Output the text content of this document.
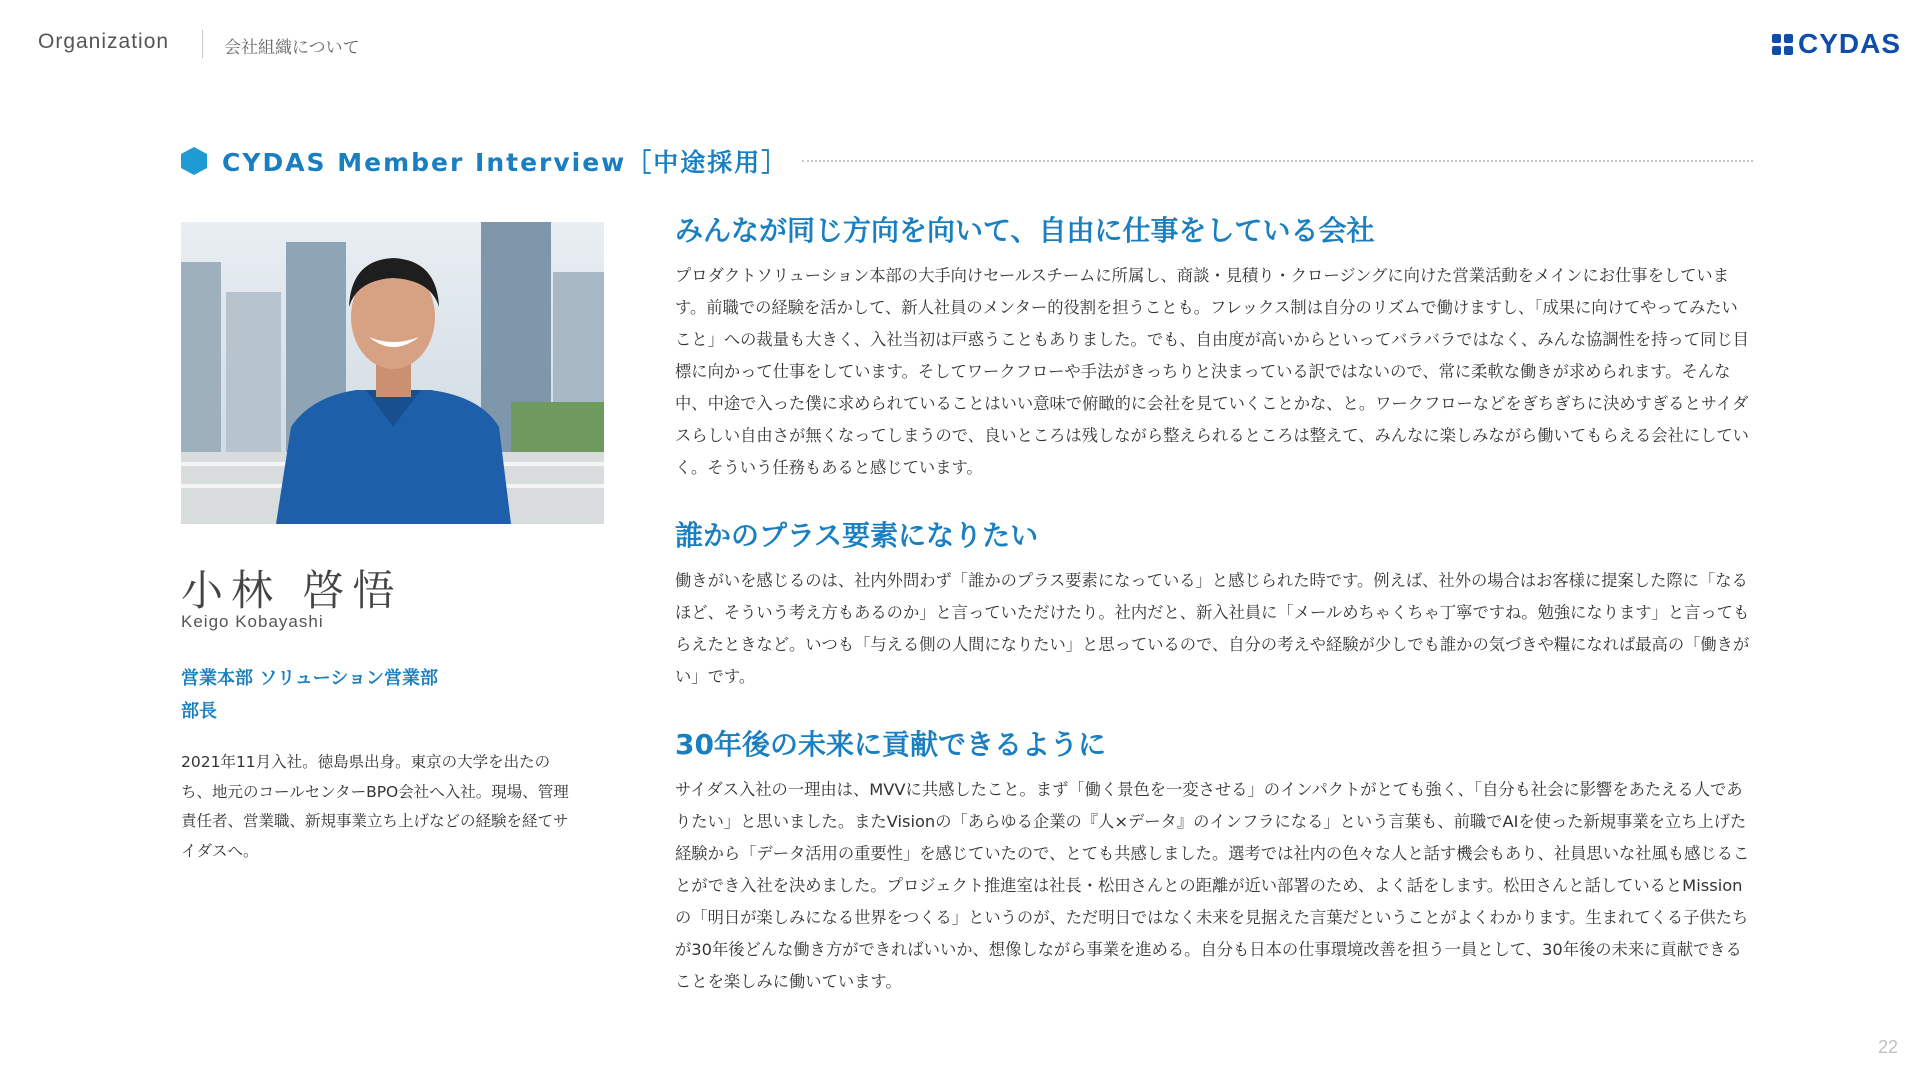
Organization	会社組織について	CYDAS
CYDAS Member Interview［中途採用］
小林 啓悟
Keigo Kobayashi
営業本部 ソリューション営業部
部長
2021年11月入社。徳島県出身。東京の大学を出たのち、地元のコールセンターBPO会社へ入社。現場、管理責任者、営業職、新規事業立ち上げなどの経験を経てサイダスへ。
みんなが同じ方向を向いて、自由に仕事をしている会社

プロダクトソリューション本部の大手向けセールスチームに所属し、商談・見積り・クロージングに向けた営業活動をメインにお仕事をしています。前職での経験を活かして、新人社員のメンター的役割を担うことも。フレックス制は自分のリズムで働けますし、「成果に向けてやってみたいこと」への裁量も大きく、入社当初は戸惑うこともありました。でも、自由度が高いからといってバラバラではなく、みんな協調性を持って同じ目標に向かって仕事をしています。そしてワークフローや手法がきっちりと決まっている訳ではないので、常に柔軟な働きが求められます。そんな中、中途で入った僕に求められていることはいい意味で俯瞰的に会社を見ていくことかな、と。ワークフローなどをぎちぎちに決めすぎるとサイダスらしい自由さが無くなってしまうので、良いところは残しながら整えられるところは整えて、みんなに楽しみながら働いてもらえる会社にしていく。そういう任務もあると感じています。

誰かのプラス要素になりたい

働きがいを感じるのは、社内外問わず「誰かのプラス要素になっている」と感じられた時です。例えば、社外の場合はお客様に提案した際に「なるほど、そういう考え方もあるのか」と言っていただけたり。社内だと、新入社員に「メールめちゃくちゃ丁寧ですね。勉強になります」と言ってもらえたときなど。いつも「与える側の人間になりたい」と思っているので、自分の考えや経験が少しでも誰かの気づきや糧になれば最高の「働きがい」です。

30年後の未来に貢献できるように

サイダス入社の一理由は、MVVに共感したこと。まず「働く景色を一変させる」のインパクトがとても強く、「自分も社会に影響をあたえる人でありたい」と思いました。またVisionの「あらゆる企業の『人×データ』のインフラになる」という言葉も、前職でAIを使った新規事業を立ち上げた経験から「データ活用の重要性」を感じていたので、とても共感しました。選考では社内の色々な人と話す機会もあり、社員思いな社風も感じることができ入社を決めました。プロジェクト推進室は社長・松田さんとの距離が近い部署のため、よく話をします。松田さんと話しているとMissionの「明日が楽しみになる世界をつくる」というのが、ただ明日ではなく未来を見据えた言葉だということがよくわかります。生まれてくる子供たちが30年後どんな働き方ができればいいか、想像しながら事業を進める。自分も日本の仕事環境改善を担う一員として、30年後の未来に貢献できることを楽しみに働いています。

22
